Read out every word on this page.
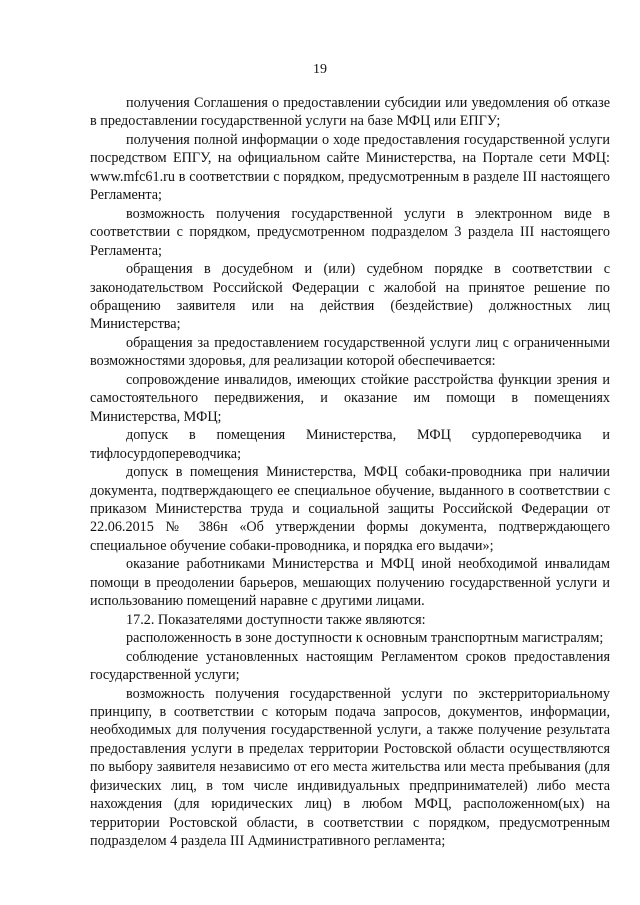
19

получения Соглашения о предоставлении субсидии или уведомления об отказе в предоставлении государственной услуги на базе МФЦ или ЕПГУ;

получения полной информации о ходе предоставления государственной услуги посредством ЕПГУ, на официальном сайте Министерства, на Портале сети МФЦ: www.mfc61.ru в соответствии с порядком, предусмотренным в разделе III настоящего Регламента;

возможность получения государственной услуги в электронном виде в соответствии с порядком, предусмотренном подразделом 3 раздела III настоящего Регламента;

обращения в досудебном и (или) судебном порядке в соответствии с законодательством Российской Федерации с жалобой на принятое решение по обращению заявителя или на действия (бездействие) должностных лиц Министерства;

обращения за предоставлением государственной услуги лиц с ограниченными возможностями здоровья, для реализации которой обеспечивается:

сопровождение инвалидов, имеющих стойкие расстройства функции зрения и самостоятельного передвижения, и оказание им помощи в помещениях Министерства, МФЦ;

допуск в помещения Министерства, МФЦ сурдопереводчика и тифлосурдопереводчика;

допуск в помещения Министерства, МФЦ собаки-проводника при наличии документа, подтверждающего ее специальное обучение, выданного в соответствии с приказом Министерства труда и социальной защиты Российской Федерации от 22.06.2015 № 386н «Об утверждении формы документа, подтверждающего специальное обучение собаки-проводника, и порядка его выдачи»;

оказание работниками Министерства и МФЦ иной необходимой инвалидам помощи в преодолении барьеров, мешающих получению государственной услуги и использованию помещений наравне с другими лицами.

17.2. Показателями доступности также являются:

расположенность в зоне доступности к основным транспортным магистралям;

соблюдение установленных настоящим Регламентом сроков предоставления государственной услуги;

возможность получения государственной услуги по экстерриториальному принципу, в соответствии с которым подача запросов, документов, информации, необходимых для получения государственной услуги, а также получение результата предоставления услуги в пределах территории Ростовской области осуществляются по выбору заявителя независимо от его места жительства или места пребывания (для физических лиц, в том числе индивидуальных предпринимателей) либо места нахождения (для юридических лиц) в любом МФЦ, расположенном(ых) на территории Ростовской области, в соответствии с порядком, предусмотренным подразделом 4 раздела III Административного регламента;
